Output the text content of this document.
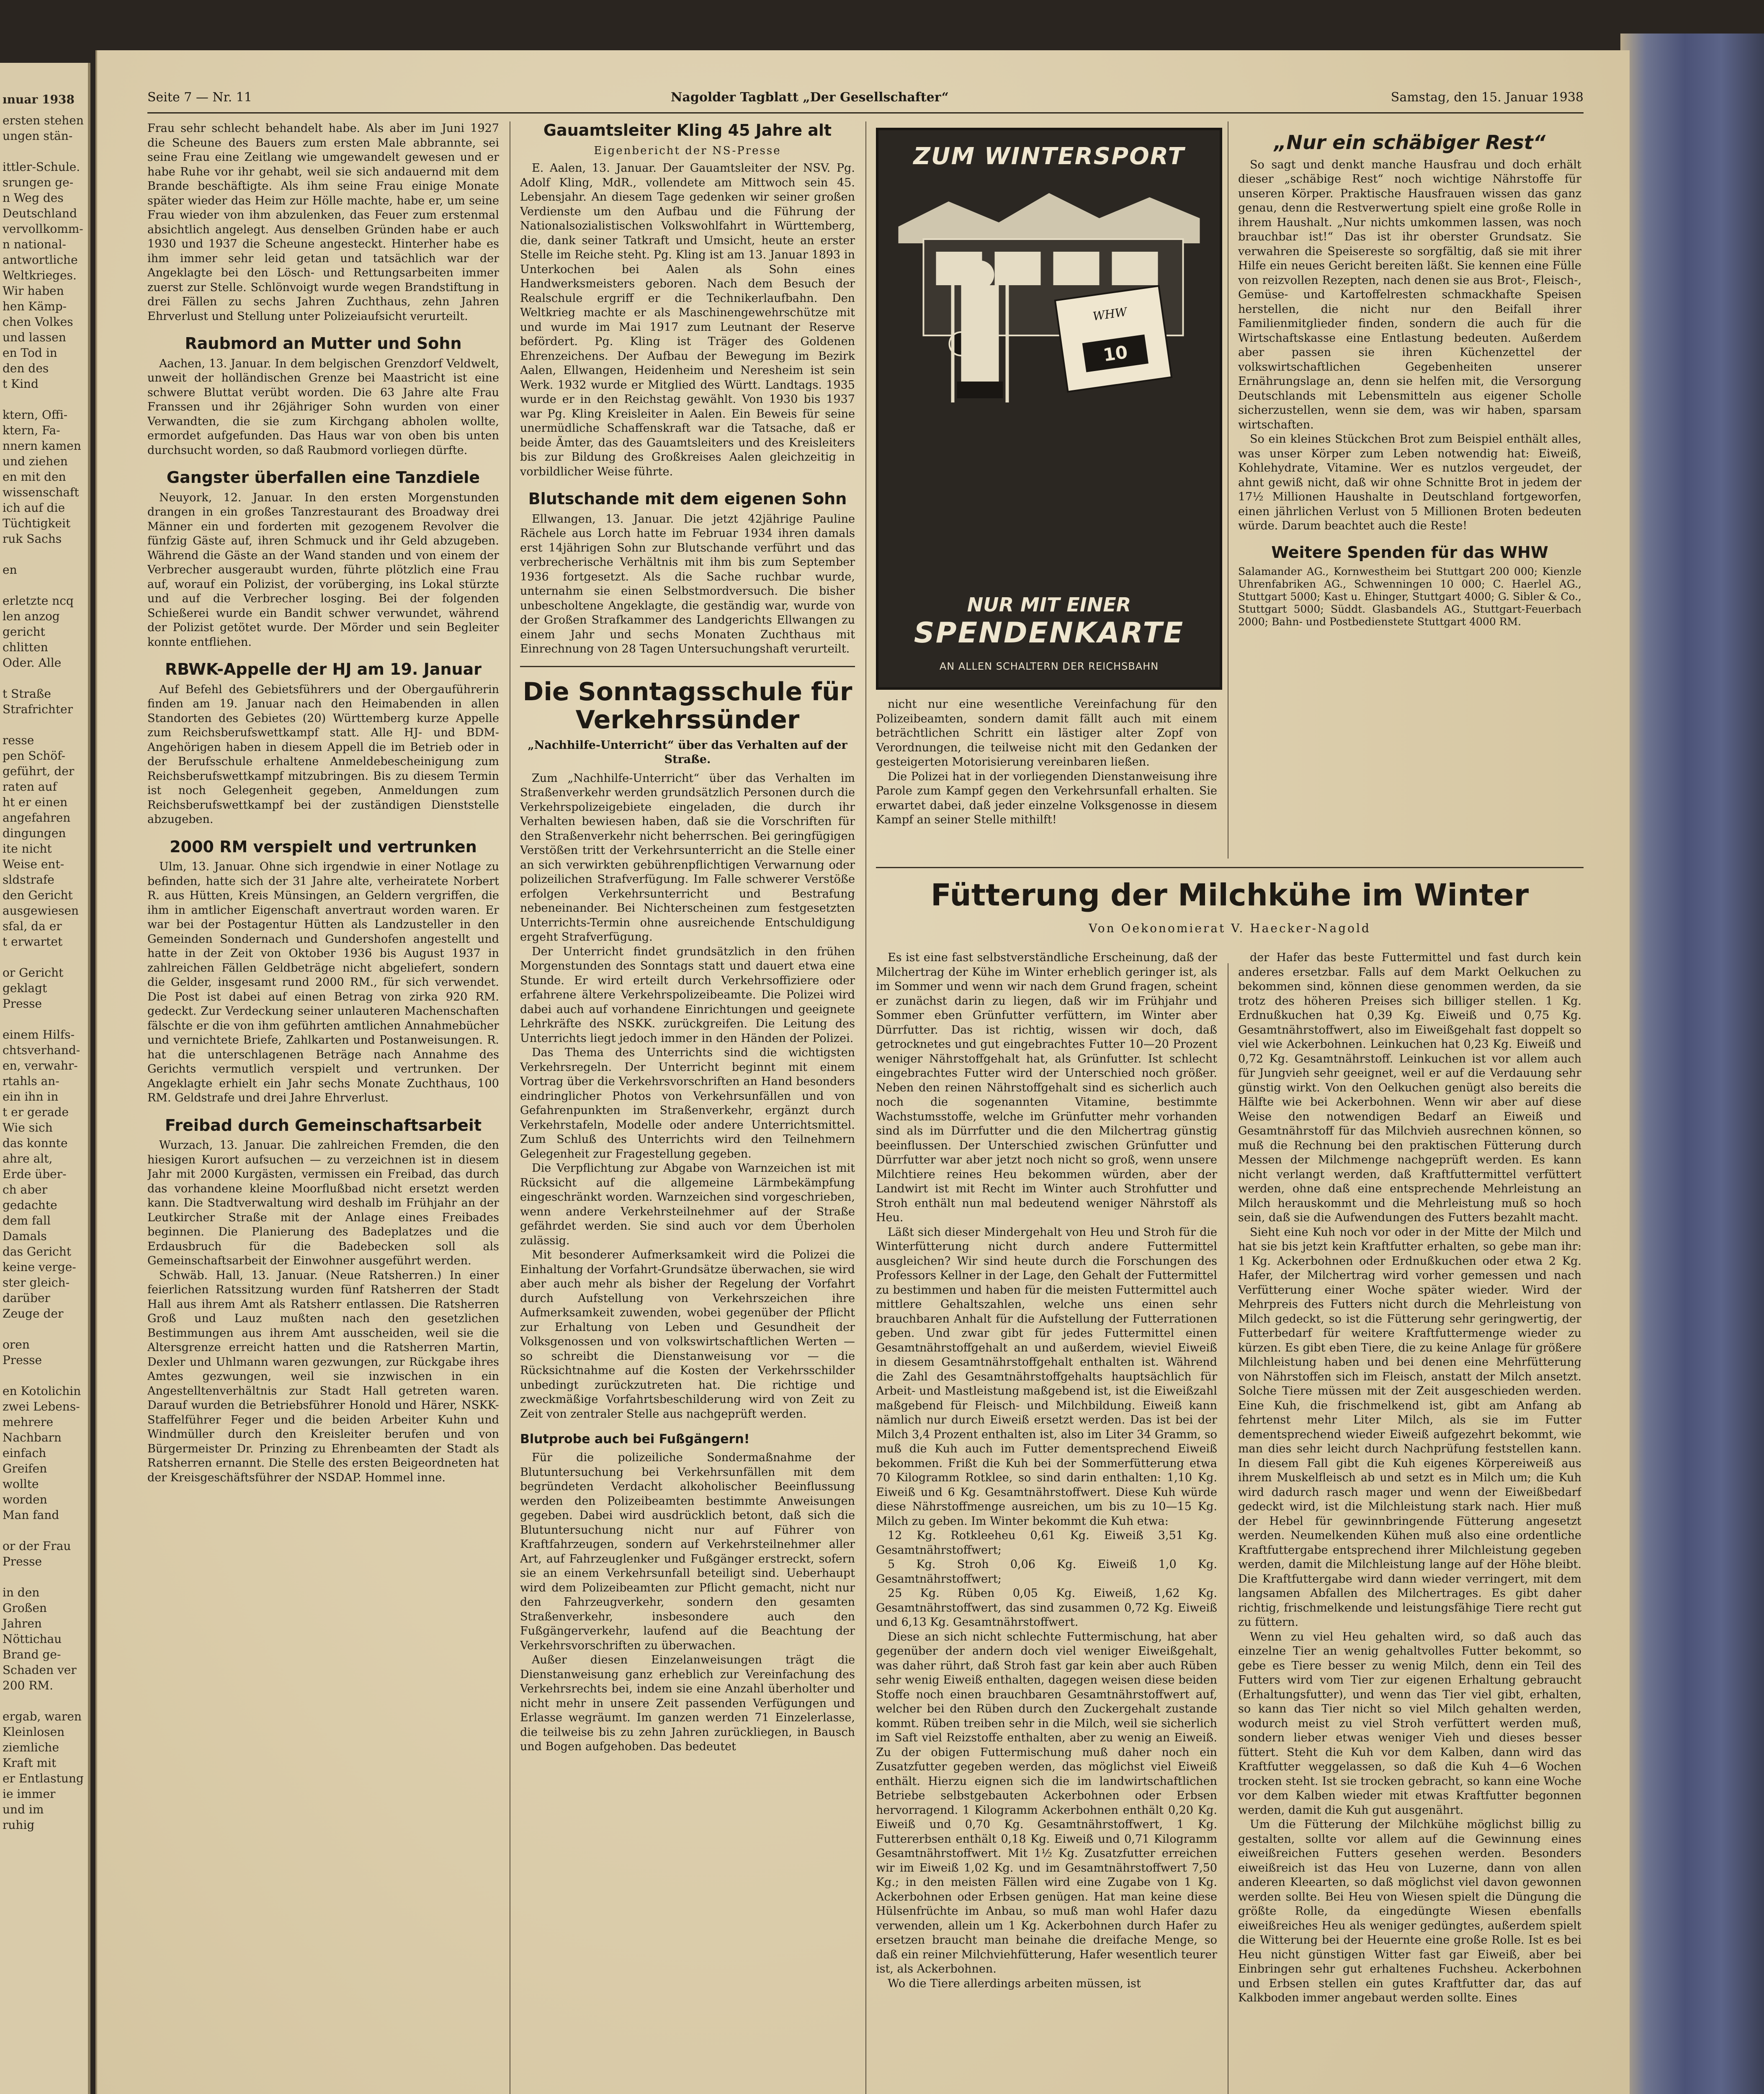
ınuar 1938
ersten stehen
ungen stän-
ittler-Schule.
srungen ge-
n Weg des
Deutschland
vervollkomm-
n national-
antwortliche
Weltkrieges.
Wir haben
hen Kämp-
chen Volkes
und lassen
en Tod in
den des
t Kind
ktern, Offi-
ktern, Fa-
nnern kamen
und ziehen
en mit den
wissenschaft
ich auf die
Tüchtigkeit
ruk Sachs
en
erletzte ncq
len anzog
gericht
chlitten
Oder. Alle
t Straße
Strafrichter
resse
pen Schöf-
geführt, der
raten auf
ht er einen
angefahren
dingungen
ite nicht
Weise ent-
sldstrafe
den Gericht
ausgewiesen
sfal, da er
t erwartet
or Gericht
geklagt
Presse
einem Hilfs-
chtsverhand-
en, verwahr-
rtahls an-
ein ihn in
t er gerade
Wie sich
das konnte
ahre alt,
Erde über-
ch aber
gedachte
dem fall
Damals
das Gericht
keine verge-
ster gleich-
darüber
Zeuge der
oren
Presse
en Kotolichin
zwei Lebens-
mehrere
Nachbarn
einfach
Greifen
wollte
worden
Man fand
or der Frau
Presse
in den
Großen
Jahren
Nöttichau
Brand ge-
Schaden ver
200 RM.
ergab, waren
Kleinlosen
ziemliche
Kraft mit
er Entlastung
ie immer
und im
ruhig
Seite 7 — Nr. 11	Nagolder Tagblatt „Der Gesellschafter“	Samstag, den 15. Januar 1938

Frau sehr schlecht behandelt habe. Als aber im Juni 1927 die Scheune des Bauers zum ersten Male abbrannte, sei seine Frau eine Zeitlang wie umgewandelt gewesen und er habe Ruhe vor ihr gehabt, weil sie sich andauernd mit dem Brande beschäftigte. Als ihm seine Frau einige Monate später wieder das Heim zur Hölle machte, habe er, um seine Frau wieder von ihm abzulenken, das Feuer zum erstenmal absichtlich angelegt. Aus denselben Gründen habe er auch 1930 und 1937 die Scheune angesteckt. Hinterher habe es ihm immer sehr leid getan und tatsächlich war der Angeklagte bei den Lösch- und Rettungsarbeiten immer zuerst zur Stelle. Schlönvoigt wurde wegen Brandstiftung in drei Fällen zu sechs Jahren Zuchthaus, zehn Jahren Ehrverlust und Stellung unter Polizeiaufsicht verurteilt.

Raubmord an Mutter und Sohn

Aachen, 13. Januar. In dem belgischen Grenzdorf Veldwelt, unweit der holländischen Grenze bei Maastricht ist eine schwere Bluttat verübt worden. Die 63 Jahre alte Frau Franssen und ihr 26jähriger Sohn wurden von einer Verwandten, die sie zum Kirchgang abholen wollte, ermordet aufgefunden. Das Haus war von oben bis unten durchsucht worden, so daß Raubmord vorliegen dürfte.

Gangster überfallen eine Tanzdiele

Neuyork, 12. Januar. In den ersten Morgenstunden drangen in ein großes Tanzrestaurant des Broadway drei Männer ein und forderten mit gezogenem Revolver die fünfzig Gäste auf, ihren Schmuck und ihr Geld abzugeben. Während die Gäste an der Wand standen und von einem der Verbrecher ausgeraubt wurden, führte plötzlich eine Frau auf, worauf ein Polizist, der vorüberging, ins Lokal stürzte und auf die Verbrecher losging. Bei der folgenden Schießerei wurde ein Bandit schwer verwundet, während der Polizist getötet wurde. Der Mörder und sein Begleiter konnte entfliehen.

RBWK-Appelle der HJ am 19. Januar

Auf Befehl des Gebietsführers und der Obergauführerin finden am 19. Januar nach den Heimabenden in allen Standorten des Gebietes (20) Württemberg kurze Appelle zum Reichsberufswettkampf statt. Alle HJ- und BDM-Angehörigen haben in diesem Appell die im Betrieb oder in der Berufsschule erhaltene Anmeldebescheinigung zum Reichsberufswettkampf mitzubringen. Bis zu diesem Termin ist noch Gelegenheit gegeben, Anmeldungen zum Reichsberufswettkampf bei der zuständigen Dienststelle abzugeben.

2000 RM verspielt und vertrunken

Ulm, 13. Januar. Ohne sich irgendwie in einer Notlage zu befinden, hatte sich der 31 Jahre alte, verheiratete Norbert R. aus Hütten, Kreis Münsingen, an Geldern vergriffen, die ihm in amtlicher Eigenschaft anvertraut worden waren. Er war bei der Postagentur Hütten als Landzusteller in den Gemeinden Sondernach und Gundershofen angestellt und hatte in der Zeit von Oktober 1936 bis August 1937 in zahlreichen Fällen Geldbeträge nicht abgeliefert, sondern die Gelder, insgesamt rund 2000 RM., für sich verwendet. Die Post ist dabei auf einen Betrag von zirka 920 RM. gedeckt. Zur Verdeckung seiner unlauteren Machenschaften fälschte er die von ihm geführten amtlichen Annahmebücher und vernichtete Briefe, Zahlkarten und Postanweisungen. R. hat die unterschlagenen Beträge nach Annahme des Gerichts vermutlich verspielt und vertrunken. Der Angeklagte erhielt ein Jahr sechs Monate Zuchthaus, 100 RM. Geldstrafe und drei Jahre Ehrverlust.

Freibad durch Gemeinschaftsarbeit

Wurzach, 13. Januar. Die zahlreichen Fremden, die den hiesigen Kurort aufsuchen — zu verzeichnen ist in diesem Jahr mit 2000 Kurgästen, vermissen ein Freibad, das durch das vorhandene kleine Moorflußbad nicht ersetzt werden kann. Die Stadtverwaltung wird deshalb im Frühjahr an der Leutkircher Straße mit der Anlage eines Freibades beginnen. Die Planierung des Badeplatzes und die Erdausbruch für die Badebecken soll als Gemeinschaftsarbeit der Einwohner ausgeführt werden.

Schwäb. Hall, 13. Januar. (Neue Ratsherren.) In einer feierlichen Ratssitzung wurden fünf Ratsherren der Stadt Hall aus ihrem Amt als Ratsherr entlassen. Die Ratsherren Groß und Lauz mußten nach den gesetzlichen Bestimmungen aus ihrem Amt ausscheiden, weil sie die Altersgrenze erreicht hatten und die Ratsherren Martin, Dexler und Uhlmann waren gezwungen, zur Rückgabe ihres Amtes gezwungen, weil sie inzwischen in ein Angestelltenverhältnis zur Stadt Hall getreten waren. Darauf wurden die Betriebsführer Honold und Härer, NSKK-Staffelführer Feger und die beiden Arbeiter Kuhn und Windmüller durch den Kreisleiter berufen und von Bürgermeister Dr. Prinzing zu Ehrenbeamten der Stadt als Ratsherren ernannt. Die Stelle des ersten Beigeordneten hat der Kreisgeschäftsführer der NSDAP. Hommel inne.

Gauamtsleiter Kling 45 Jahre alt
Eigenbericht der NS-Presse

E. Aalen, 13. Januar. Der Gauamtsleiter der NSV. Pg. Adolf Kling, MdR., vollendete am Mittwoch sein 45. Lebensjahr. An diesem Tage gedenken wir seiner großen Verdienste um den Aufbau und die Führung der Nationalsozialistischen Volkswohlfahrt in Württemberg, die, dank seiner Tatkraft und Umsicht, heute an erster Stelle im Reiche steht. Pg. Kling ist am 13. Januar 1893 in Unterkochen bei Aalen als Sohn eines Handwerksmeisters geboren. Nach dem Besuch der Realschule ergriff er die Technikerlaufbahn. Den Weltkrieg machte er als Maschinengewehrschütze mit und wurde im Mai 1917 zum Leutnant der Reserve befördert. Pg. Kling ist Träger des Goldenen Ehrenzeichens. Der Aufbau der Bewegung im Bezirk Aalen, Ellwangen, Heidenheim und Neresheim ist sein Werk. 1932 wurde er Mitglied des Württ. Landtags. 1935 wurde er in den Reichstag gewählt. Von 1930 bis 1937 war Pg. Kling Kreisleiter in Aalen. Ein Beweis für seine unermüdliche Schaffenskraft war die Tatsache, daß er beide Ämter, das des Gauamtsleiters und des Kreisleiters bis zur Bildung des Großkreises Aalen gleichzeitig in vorbildlicher Weise führte.

Blutschande mit dem eigenen Sohn

Ellwangen, 13. Januar. Die jetzt 42jährige Pauline Rächele aus Lorch hatte im Februar 1934 ihren damals erst 14jährigen Sohn zur Blutschande verführt und das verbrecherische Verhältnis mit ihm bis zum September 1936 fortgesetzt. Als die Sache ruchbar wurde, unternahm sie einen Selbstmordversuch. Die bisher unbescholtene Angeklagte, die geständig war, wurde von der Großen Strafkammer des Landgerichts Ellwangen zu einem Jahr und sechs Monaten Zuchthaus mit Einrechnung von 28 Tagen Untersuchungshaft verurteilt.

Die Sonntagsschule für Verkehrssünder
„Nachhilfe-Unterricht“ über das Verhalten auf der Straße.

Zum „Nachhilfe-Unterricht“ über das Verhalten im Straßenverkehr werden grundsätzlich Personen durch die Verkehrspolizeigebiete eingeladen, die durch ihr Verhalten bewiesen haben, daß sie die Vorschriften für den Straßenverkehr nicht beherrschen. Bei geringfügigen Verstößen tritt der Verkehrsunterricht an die Stelle einer an sich verwirkten gebührenpflichtigen Verwarnung oder polizeilichen Strafverfügung. Im Falle schwerer Verstöße erfolgen Verkehrsunterricht und Bestrafung nebeneinander. Bei Nichterscheinen zum festgesetzten Unterrichts-Termin ohne ausreichende Entschuldigung ergeht Strafverfügung.

Der Unterricht findet grundsätzlich in den frühen Morgenstunden des Sonntags statt und dauert etwa eine Stunde. Er wird erteilt durch Verkehrsoffiziere oder erfahrene ältere Verkehrspolizeibeamte. Die Polizei wird dabei auch auf vorhandene Einrichtungen und geeignete Lehrkräfte des NSKK. zurückgreifen. Die Leitung des Unterrichts liegt jedoch immer in den Händen der Polizei.

Das Thema des Unterrichts sind die wichtigsten Verkehrsregeln. Der Unterricht beginnt mit einem Vortrag über die Verkehrsvorschriften an Hand besonders eindringlicher Photos von Verkehrsunfällen und von Gefahrenpunkten im Straßenverkehr, ergänzt durch Verkehrstafeln, Modelle oder andere Unterrichtsmittel. Zum Schluß des Unterrichts wird den Teilnehmern Gelegenheit zur Fragestellung gegeben.

Die Verpflichtung zur Abgabe von Warnzeichen ist mit Rücksicht auf die allgemeine Lärmbekämpfung eingeschränkt worden. Warnzeichen sind vorgeschrieben, wenn andere Verkehrsteilnehmer auf der Straße gefährdet werden. Sie sind auch vor dem Überholen zulässig.

Mit besonderer Aufmerksamkeit wird die Polizei die Einhaltung der Vorfahrt-Grundsätze überwachen, sie wird aber auch mehr als bisher der Regelung der Vorfahrt durch Aufstellung von Verkehrszeichen ihre Aufmerksamkeit zuwenden, wobei gegenüber der Pflicht zur Erhaltung von Leben und Gesundheit der Volksgenossen und von volkswirtschaftlichen Werten — so schreibt die Dienstanweisung vor — die Rücksichtnahme auf die Kosten der Verkehrsschilder unbedingt zurückzutreten hat. Die richtige und zweckmäßige Vorfahrtsbeschilderung wird von Zeit zu Zeit von zentraler Stelle aus nachgeprüft werden.

Blutprobe auch bei Fußgängern!

Für die polizeiliche Sondermaßnahme der Blutuntersuchung bei Verkehrsunfällen mit dem begründeten Verdacht alkoholischer Beeinflussung werden den Polizeibeamten bestimmte Anweisungen gegeben. Dabei wird ausdrücklich betont, daß sich die Blutuntersuchung nicht nur auf Führer von Kraftfahrzeugen, sondern auf Verkehrsteilnehmer aller Art, auf Fahrzeuglenker und Fußgänger erstreckt, sofern sie an einem Verkehrsunfall beteiligt sind. Ueberhaupt wird dem Polizeibeamten zur Pflicht gemacht, nicht nur den Fahrzeugverkehr, sondern den gesamten Straßenverkehr, insbesondere auch den Fußgängerverkehr, laufend auf die Beachtung der Verkehrsvorschriften zu überwachen.

Außer diesen Einzelanweisungen trägt die Dienstanweisung ganz erheblich zur Vereinfachung des Verkehrsrechts bei, indem sie eine Anzahl überholter und nicht mehr in unsere Zeit passenden Verfügungen und Erlasse wegräumt. Im ganzen werden 71 Einzelerlasse, die teilweise bis zu zehn Jahren zurückliegen, in Bausch und Bogen aufgehoben. Das bedeutet

ZUM WINTERSPORT
WHW
10
NUR MIT EINER
SPENDENKARTE
AN ALLEN SCHALTERN DER REICHSBAHN

nicht nur eine wesentliche Vereinfachung für den Polizeibeamten, sondern damit fällt auch mit einem beträchtlichen Schritt ein lästiger alter Zopf von Verordnungen, die teilweise nicht mit den Gedanken der gesteigerten Motorisierung vereinbaren ließen.

Die Polizei hat in der vorliegenden Dienstanweisung ihre Parole zum Kampf gegen den Verkehrsunfall erhalten. Sie erwartet dabei, daß jeder einzelne Volksgenosse in diesem Kampf an seiner Stelle mithilft!

„Nur ein schäbiger Rest“

So sagt und denkt manche Hausfrau und doch erhält dieser „schäbige Rest“ noch wichtige Nährstoffe für unseren Körper. Praktische Hausfrauen wissen das ganz genau, denn die Restverwertung spielt eine große Rolle in ihrem Haushalt. „Nur nichts umkommen lassen, was noch brauchbar ist!“ Das ist ihr oberster Grundsatz. Sie verwahren die Speisereste so sorgfältig, daß sie mit ihrer Hilfe ein neues Gericht bereiten läßt. Sie kennen eine Fülle von reizvollen Rezepten, nach denen sie aus Brot-, Fleisch-, Gemüse- und Kartoffelresten schmackhafte Speisen herstellen, die nicht nur den Beifall ihrer Familienmitglieder finden, sondern die auch für die Wirtschaftskasse eine Entlastung bedeuten. Außerdem aber passen sie ihren Küchenzettel der volkswirtschaftlichen Gegebenheiten unserer Ernährungslage an, denn sie helfen mit, die Versorgung Deutschlands mit Lebensmitteln aus eigener Scholle sicherzustellen, wenn sie dem, was wir haben, sparsam wirtschaften.

So ein kleines Stückchen Brot zum Beispiel enthält alles, was unser Körper zum Leben notwendig hat: Eiweiß, Kohlehydrate, Vitamine. Wer es nutzlos vergeudet, der ahnt gewiß nicht, daß wir ohne Schnitte Brot in jedem der 17½ Millionen Haushalte in Deutschland fortgeworfen, einen jährlichen Verlust von 5 Millionen Broten bedeuten würde. Darum beachtet auch die Reste!

Weitere Spenden für das WHW

Salamander AG., Kornwestheim bei Stuttgart 200 000; Kienzle Uhrenfabriken AG., Schwenningen 10 000; C. Haerlel AG., Stuttgart 5000; Kast u. Ehinger, Stuttgart 4000; G. Sibler & Co., Stuttgart 5000; Süddt. Glasbandels AG., Stuttgart-Feuerbach 2000; Bahn- und Postbedienstete Stuttgart 4000 RM.

Fütterung der Milchkühe im Winter
Von Oekonomierat V. Haecker-Nagold

Es ist eine fast selbstverständliche Erscheinung, daß der Milchertrag der Kühe im Winter erheblich geringer ist, als im Sommer und wenn wir nach dem Grund fragen, scheint er zunächst darin zu liegen, daß wir im Frühjahr und Sommer eben Grünfutter verfüttern, im Winter aber Dürrfutter. Das ist richtig, wissen wir doch, daß getrocknetes und gut eingebrachtes Futter 10—20 Prozent weniger Nährstoffgehalt hat, als Grünfutter. Ist schlecht eingebrachtes Futter wird der Unterschied noch größer. Neben den reinen Nährstoffgehalt sind es sicherlich auch noch die sogenannten Vitamine, bestimmte Wachstumsstoffe, welche im Grünfutter mehr vorhanden sind als im Dürrfutter und die den Milchertrag günstig beeinflussen. Der Unterschied zwischen Grünfutter und Dürrfutter war aber jetzt noch nicht so groß, wenn unsere Milchtiere reines Heu bekommen würden, aber der Landwirt ist mit Recht im Winter auch Strohfutter und Stroh enthält nun mal bedeutend weniger Nährstoff als Heu.

Läßt sich dieser Mindergehalt von Heu und Stroh für die Winterfütterung nicht durch andere Futtermittel ausgleichen? Wir sind heute durch die Forschungen des Professors Kellner in der Lage, den Gehalt der Futtermittel zu bestimmen und haben für die meisten Futtermittel auch mittlere Gehaltszahlen, welche uns einen sehr brauchbaren Anhalt für die Aufstellung der Futterrationen geben. Und zwar gibt für jedes Futtermittel einen Gesamtnährstoffgehalt an und außerdem, wieviel Eiweiß in diesem Gesamtnährstoffgehalt enthalten ist. Während die Zahl des Gesamtnährstoffgehalts hauptsächlich für Arbeit- und Mastleistung maßgebend ist, ist die Eiweißzahl maßgebend für Fleisch- und Milchbildung. Eiweiß kann nämlich nur durch Eiweiß ersetzt werden. Das ist bei der Milch 3,4 Prozent enthalten ist, also im Liter 34 Gramm, so muß die Kuh auch im Futter dementsprechend Eiweiß bekommen. Frißt die Kuh bei der Sommerfütterung etwa 70 Kilogramm Rotklee, so sind darin enthalten: 1,10 Kg. Eiweiß und 6 Kg. Gesamtnährstoffwert. Diese Kuh würde diese Nährstoffmenge ausreichen, um bis zu 10—15 Kg. Milch zu geben. Im Winter bekommt die Kuh etwa:

12 Kg. Rotkleeheu 0,61 Kg. Eiweiß 3,51 Kg. Gesamtnährstoffwert;

5 Kg. Stroh 0,06 Kg. Eiweiß 1,0 Kg. Gesamtnährstoffwert;

25 Kg. Rüben 0,05 Kg. Eiweiß, 1,62 Kg. Gesamtnährstoffwert, das sind zusammen 0,72 Kg. Eiweiß und 6,13 Kg. Gesamtnährstoffwert.

Diese an sich nicht schlechte Futtermischung, hat aber gegenüber der andern doch viel weniger Eiweißgehalt, was daher rührt, daß Stroh fast gar kein aber auch Rüben sehr wenig Eiweiß enthalten, dagegen weisen diese beiden Stoffe noch einen brauchbaren Gesamtnährstoffwert auf, welcher bei den Rüben durch den Zuckergehalt zustande kommt. Rüben treiben sehr in die Milch, weil sie sicherlich im Saft viel Reizstoffe enthalten, aber zu wenig an Eiweiß. Zu der obigen Futtermischung muß daher noch ein Zusatzfutter gegeben werden, das möglichst viel Eiweiß enthält. Hierzu eignen sich die im landwirtschaftlichen Betriebe selbstgebauten Ackerbohnen oder Erbsen hervorragend. 1 Kilogramm Ackerbohnen enthält 0,20 Kg. Eiweiß und 0,70 Kg. Gesamtnährstoffwert, 1 Kg. Futtererbsen enthält 0,18 Kg. Eiweiß und 0,71 Kilogramm Gesamtnährstoffwert. Mit 1½ Kg. Zusatzfutter erreichen wir im Eiweiß 1,02 Kg. und im Gesamtnährstoffwert 7,50 Kg.; in den meisten Fällen wird eine Zugabe von 1 Kg. Ackerbohnen oder Erbsen genügen. Hat man keine diese Hülsenfrüchte im Anbau, so muß man wohl Hafer dazu verwenden, allein um 1 Kg. Ackerbohnen durch Hafer zu ersetzen braucht man beinahe die dreifache Menge, so daß ein reiner Milchviehfütterung, Hafer wesentlich teurer ist, als Ackerbohnen.

Wo die Tiere allerdings arbeiten müssen, ist

der Hafer das beste Futtermittel und fast durch kein anderes ersetzbar. Falls auf dem Markt Oelkuchen zu bekommen sind, können diese genommen werden, da sie trotz des höheren Preises sich billiger stellen. 1 Kg. Erdnußkuchen hat 0,39 Kg. Eiweiß und 0,75 Kg. Gesamtnährstoffwert, also im Eiweißgehalt fast doppelt so viel wie Ackerbohnen. Leinkuchen hat 0,23 Kg. Eiweiß und 0,72 Kg. Gesamtnährstoff. Leinkuchen ist vor allem auch für Jungvieh sehr geeignet, weil er auf die Verdauung sehr günstig wirkt. Von den Oelkuchen genügt also bereits die Hälfte wie bei Ackerbohnen. Wenn wir aber auf diese Weise den notwendigen Bedarf an Eiweiß und Gesamtnährstoff für das Milchvieh ausrechnen können, so muß die Rechnung bei den praktischen Fütterung durch Messen der Milchmenge nachgeprüft werden. Es kann nicht verlangt werden, daß Kraftfuttermittel verfüttert werden, ohne daß eine entsprechende Mehrleistung an Milch herauskommt und die Mehrleistung muß so hoch sein, daß sie die Aufwendungen des Futters bezahlt macht.

Sieht eine Kuh noch vor oder in der Mitte der Milch und hat sie bis jetzt kein Kraftfutter erhalten, so gebe man ihr: 1 Kg. Ackerbohnen oder Erdnußkuchen oder etwa 2 Kg. Hafer, der Milchertrag wird vorher gemessen und nach Verfütterung einer Woche später wieder. Wird der Mehrpreis des Futters nicht durch die Mehrleistung von Milch gedeckt, so ist die Fütterung sehr geringwertig, der Futterbedarf für weitere Kraftfuttermenge wieder zu kürzen. Es gibt eben Tiere, die zu keine Anlage für größere Milchleistung haben und bei denen eine Mehrfütterung von Nährstoffen sich im Fleisch, anstatt der Milch ansetzt. Solche Tiere müssen mit der Zeit ausgeschieden werden. Eine Kuh, die frischmelkend ist, gibt am Anfang ab fehrtenst mehr Liter Milch, als sie im Futter dementsprechend wieder Eiweiß aufgezehrt bekommt, wie man dies sehr leicht durch Nachprüfung feststellen kann. In diesem Fall gibt die Kuh eigenes Körpereiweiß aus ihrem Muskelfleisch ab und setzt es in Milch um; die Kuh wird dadurch rasch mager und wenn der Eiweißbedarf gedeckt wird, ist die Milchleistung stark nach. Hier muß der Hebel für gewinnbringende Fütterung angesetzt werden. Neumelkenden Kühen muß also eine ordentliche Kraftfuttergabe entsprechend ihrer Milchleistung gegeben werden, damit die Milchleistung lange auf der Höhe bleibt. Die Kraftfuttergabe wird dann wieder verringert, mit dem langsamen Abfallen des Milchertrages. Es gibt daher richtig, frischmelkende und leistungsfähige Tiere recht gut zu füttern.

Wenn zu viel Heu gehalten wird, so daß auch das einzelne Tier an wenig gehaltvolles Futter bekommt, so gebe es Tiere besser zu wenig Milch, denn ein Teil des Futters wird vom Tier zur eigenen Erhaltung gebraucht (Erhaltungsfutter), und wenn das Tier viel gibt, erhalten, so kann das Tier nicht so viel Milch gehalten werden, wodurch meist zu viel Stroh verfüttert werden muß, sondern lieber etwas weniger Vieh und dieses besser füttert. Steht die Kuh vor dem Kalben, dann wird das Kraftfutter weggelassen, so daß die Kuh 4—6 Wochen trocken steht. Ist sie trocken gebracht, so kann eine Woche vor dem Kalben wieder mit etwas Kraftfutter begonnen werden, damit die Kuh gut ausgenährt.

Um die Fütterung der Milchkühe möglichst billig zu gestalten, sollte vor allem auf die Gewinnung eines eiweißreichen Futters gesehen werden. Besonders eiweißreich ist das Heu von Luzerne, dann von allen anderen Kleearten, so daß möglichst viel davon gewonnen werden sollte. Bei Heu von Wiesen spielt die Düngung die größte Rolle, da eingedüngte Wiesen ebenfalls eiweißreiches Heu als weniger gedüngtes, außerdem spielt die Witterung bei der Heuernte eine große Rolle. Ist es bei Heu nicht günstigen Witter fast gar Eiweiß, aber bei Einbringen sehr gut erhaltenes Fuchsheu. Ackerbohnen und Erbsen stellen ein gutes Kraftfutter dar, das auf Kalkboden immer angebaut werden sollte. Eines
